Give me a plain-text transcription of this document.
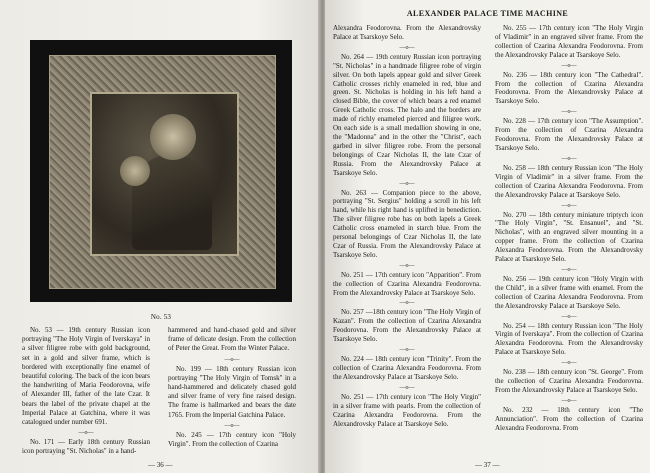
No. 53

No. 53 — 19th century Russian icon portraying "The Holy Virgin of Iverskaya" in a silver filigree robe with gold background, set in a gold and silver frame, which is bordered with exceptionally fine enamel of beautiful coloring. The back of the icon bears the handwriting of Maria Feodorovna, wife of Alexander III, father of the late Czar. It bears the label of the private chapel at the Imperial Palace at Gatchina, where it was catalogued under number 691.

—o—

No. 171 — Early 18th century Russian icon portraying "St. Nicholas" in a hand-

hammered and hand-chased gold and silver frame of delicate design. From the collection of Peter the Great. From the Winter Palace.

—o—

No. 199 — 18th century Russian icon portraying "The Holy Virgin of Tomsk" in a hand-hammered and delicately chased gold and silver frame of very fine raised design. The frame is hallmarked and bears the date 1765. From the Imperial Gatchina Palace.

—o—

No. 245 — 17th century icon "Holy Virgin". From the collection of Czarina

— 36 —
ALEXANDER PALACE TIME MACHINE

Alexandra Feodorovna. From the Alexandrovsky Palace at Tsarskoye Selo.

—o—

No. 264 — 19th century Russian icon portraying "St. Nicholas" in a handmade filigree robe of virgin silver. On both lapels appear gold and silver Greek Catholic crosses richly enameled in red, blue and green. St. Nicholas is holding in his left hand a closed Bible, the cover of which bears a red enamel Greek Catholic cross. The halo and the borders are made of richly enameled pierced and filigree work. On each side is a small medallion showing in one, the "Madonna" and in the other the "Christ", each garbed in silver filigree robe. From the personal belongings of Czar Nicholas II, the late Czar of Russia. From the Alexandrovsky Palace at Tsarskoye Selo.

—o—

No. 263 — Companion piece to the above, portraying "St. Sergius" holding a scroll in his left hand, while his right hand is uplifted in benediction. The silver filigree robe has on both lapels a Greek Catholic cross enameled in starch blue. From the personal belongings of Czar Nicholas II, the late Czar of Russia. From the Alexandrovsky Palace at Tsarskoye Selo.

—o—

No. 251 — 17th century icon "Apparition". From the collection of Czarina Alexandra Feodorovna. From the Alexandrovsky Palace at Tsarskoye Selo.

—o—

No. 257 —18th century icon "The Holy Virgin of Kazan". From the collection of Czarina Alexandra Feodorovna. From the Alexandrovsky Palace at Tsarskoye Selo.

—o—

No. 224 — 18th century icon "Trinity". From the collection of Czarina Alexandra Feodorovna. From the Alexandrovsky Palace at Tsarskoye Selo.

—o—

No. 251 — 17th century icon "The Holy Virgin" in a silver frame with pearls. From the collection of Czarina Alexandra Feodorovna. From the Alexandrovsky Palace at Tsarskoye Selo.

No. 255 — 17th century icon "The Holy Virgin of Vladimir" in an engraved silver frame. From the collection of Czarina Alexandra Feodorovna. From the Alexandrovsky Palace at Tsarskoye Selo.

—o—

No. 236 — 18th century icon "The Cathedral". From the collection of Czarina Alexandra Feodorovna. From the Alexandrovsky Palace at Tsarskoye Selo.

—o—

No. 228 — 17th century icon "The Assumption". From the collection of Czarina Alexandra Feodorovna. From the Alexandrovsky Palace at Tsarskoye Selo.

—o—

No. 258 — 18th century Russian icon "The Holy Virgin of Vladimir" in a silver frame. From the collection of Czarina Alexandra Feodorovna. From the Alexandrovsky Palace at Tsarskoye Selo.

—o—

No. 270 — 18th century miniature triptych icon "The Holy Virgin", "St. Ensanuel", and "St. Nicholas", with an engraved silver mounting in a copper frame. From the collection of Czarina Alexandra Feodorovna. From the Alexandrovsky Palace at Tsarskoye Selo.

—o—

No. 256 — 19th century icon "Holy Virgin with the Child", in a silver frame with enamel. From the collection of Czarina Alexandra Feodorovna. From the Alexandrovsky Palace at Tsarskoye Selo.

—o—

No. 254 — 18th century Russian icon "The Holy Virgin of Iverskaya". From the collection of Czarina Alexandra Feodorovna. From the Alexandrovsky Palace at Tsarskoye Selo.

—o—

No. 238 — 18th century icon "St. George". From the collection of Czarina Alexandra Feodorovna. From the Alexandrovsky Palace at Tsarskoye Selo.

—o—

No. 232 — 18th century icon "The Annunciation". From the collection of Czarina Alexandra Feodorovna. From

— 37 —
